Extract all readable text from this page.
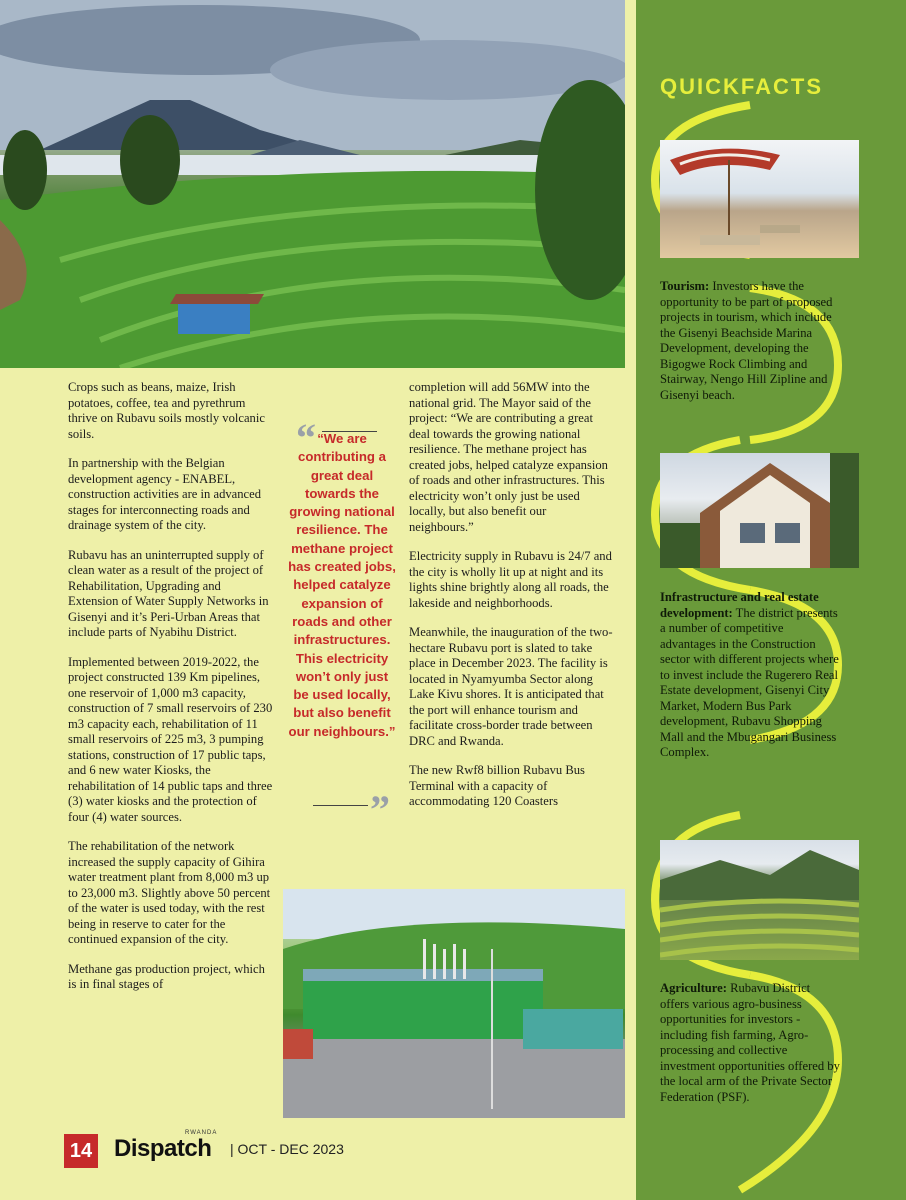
Crops such as beans, maize, Irish potatoes, coffee, tea and pyrethrum thrive on Rubavu soils mostly volcanic soils.

In partnership with the Belgian development agency - ENABEL, construction activities are in advanced stages for interconnecting roads and drainage system of the city.

Rubavu has an uninterrupted supply of clean water as a result of the project of Rehabilitation, Upgrading and Extension of Water Supply Networks in Gisenyi and it’s Peri-Urban Areas that include parts of Nyabihu District.

Implemented between 2019-2022, the project constructed 139 Km pipelines, one reservoir of 1,000 m3 capacity, construction of 7 small reservoirs of 230 m3 capacity each, rehabilitation of 11 small reservoirs of 225 m3, 3 pumping stations, construction of 17 public taps, and 6 new water Kiosks, the rehabilitation of 14 public taps and three (3) water kiosks and the protection of four (4) water sources.

The rehabilitation of the network increased the supply capacity of Gihira water treatment plant from 8,000 m3 up to 23,000 m3. Slightly above 50 percent of the water is used today, with the rest being in reserve to cater for the continued expansion of the city.

Methane gas production project, which is in final stages of

“ “We are contributing a great deal towards the growing national resilience. The methane project has created jobs, helped catalyze expansion of roads and other infrastructures. This electricity won’t only just be used locally, but also benefit our neighbours.”
”

completion will add 56MW into the national grid. The Mayor said of the project: “We are contributing a great deal towards the growing national resilience. The methane project has created jobs, helped catalyze expansion of roads and other infrastructures. This electricity won’t only just be used locally, but also benefit our neighbours.”

Electricity supply in Rubavu is 24/7 and the city is wholly lit up at night and its lights shine brightly along all roads, the lakeside and neighborhoods.

Meanwhile, the inauguration of the two-hectare Rubavu port is slated to take place in December 2023. The facility is located in Nyamyumba Sector along Lake Kivu shores. It is anticipated that the port will enhance tourism and facilitate cross-border trade between DRC and Rwanda.

The new Rwf8 billion Rubavu Bus Terminal with a capacity of accommodating 120 Coasters

QUICKFACTS
Tourism: Investors have the opportunity to be part of proposed projects in tourism, which include the Gisenyi Beachside Marina Development, developing the Bigogwe Rock Climbing and Stairway, Nengo Hill Zipline and Gisenyi beach.
Infrastructure and real estate development: The district presents a number of competitive advantages in the Construction sector with different projects where to invest include the Rugerero Real Estate development, Gisenyi City Market, Modern Bus Park development, Rubavu Shopping Mall and the Mbugangari Business Complex.
Agriculture: Rubavu District offers various agro-business opportunities for investors - including fish farming, Agro-processing and collective investment opportunities offered by the local arm of the Private Sector Federation (PSF).
14
RWANDA
Dispatch | OCT - DEC 2023
